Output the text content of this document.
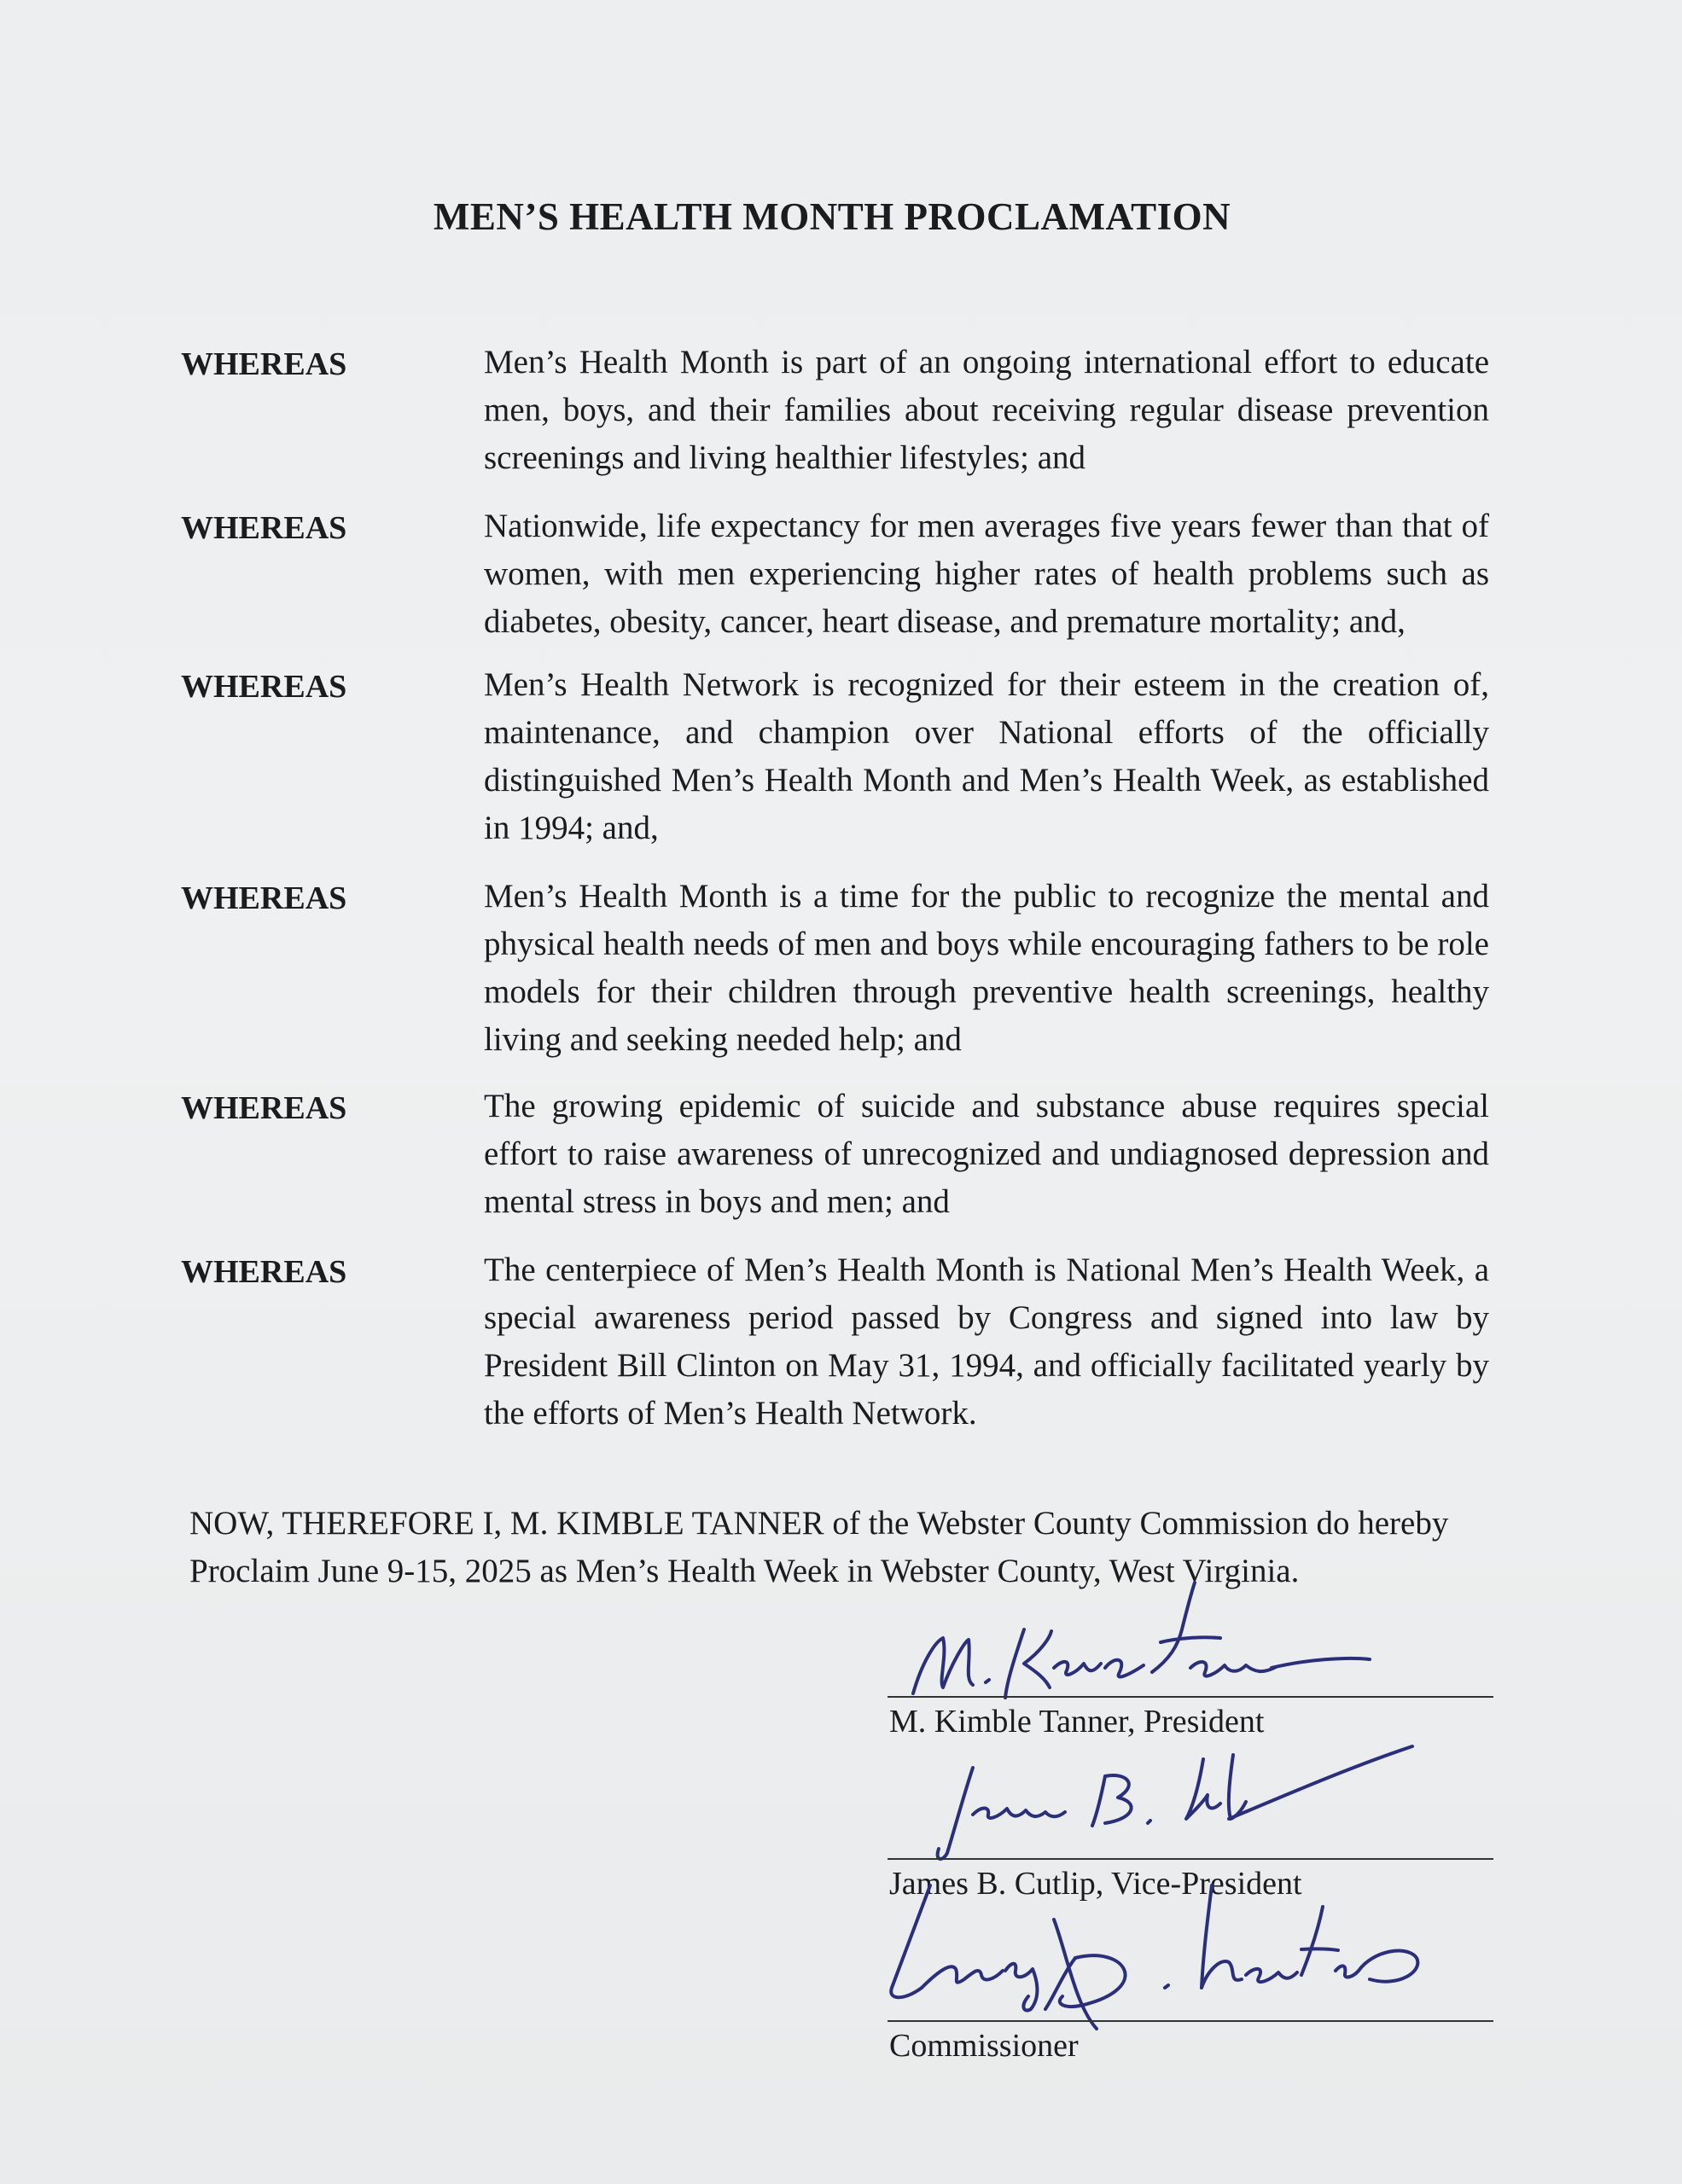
MEN’S HEALTH MONTH PROCLAMATION
WHEREAS	Men’s Health Month is part of an ongoing international effort to educate men, boys, and their families about receiving regular disease prevention screenings and living healthier lifestyles; and
WHEREAS	Nationwide, life expectancy for men averages five years fewer than that of women, with men experiencing higher rates of health problems such as diabetes, obesity, cancer, heart disease, and premature mortality; and,
WHEREAS	Men’s Health Network is recognized for their esteem in the creation of, maintenance, and champion over National efforts of the officially distinguished Men’s Health Month and Men’s Health Week, as established in 1994; and,
WHEREAS	Men’s Health Month is a time for the public to recognize the mental and physical health needs of men and boys while encouraging fathers to be role models for their children through preventive health screenings, healthy living and seeking needed help; and
WHEREAS	The growing epidemic of suicide and substance abuse requires special effort to raise awareness of unrecognized and undiagnosed depression and mental stress in boys and men; and
WHEREAS	The centerpiece of Men’s Health Month is National Men’s Health Week, a special awareness period passed by Congress and signed into law by President Bill Clinton on May 31, 1994, and officially facilitated yearly by the efforts of Men’s Health Network.
NOW, THEREFORE I, M. KIMBLE TANNER of the Webster County Commission do hereby
Proclaim June 9-15, 2025 as Men’s Health Week in Webster County, West Virginia.
M. Kimble Tanner, President
James B. Cutlip, Vice-President
Commissioner
